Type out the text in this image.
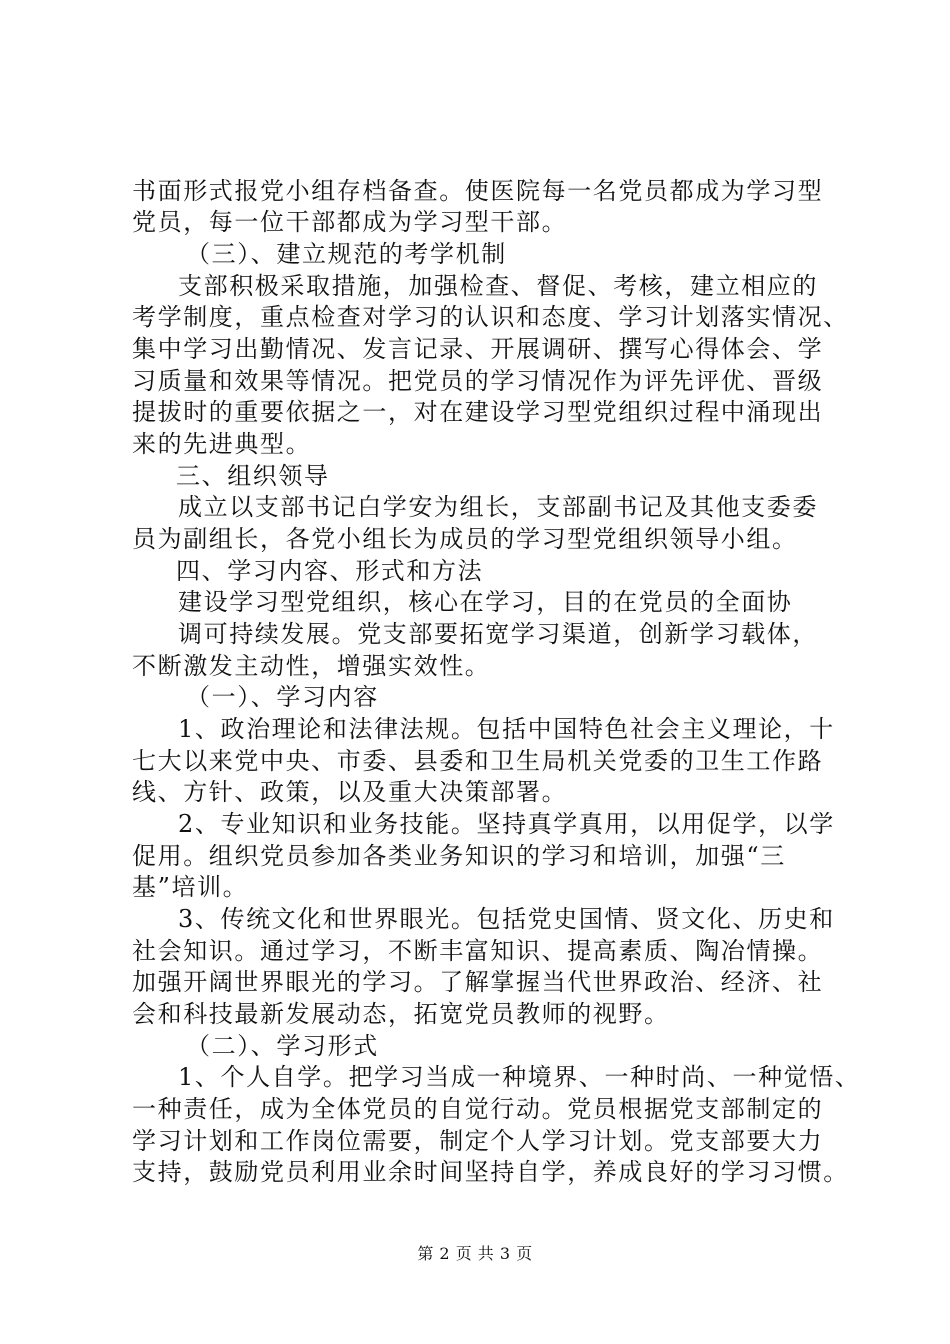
书面形式报党小组存档备查。使医院每一名党员都成为学习型
党员，每一位干部都成为学习型干部。
（三）、建立规范的考学机制
支部积极采取措施，加强检查、督促、考核，建立相应的
考学制度，重点检查对学习的认识和态度、学习计划落实情况、
集中学习出勤情况、发言记录、开展调研、撰写心得体会、学
习质量和效果等情况。把党员的学习情况作为评先评优、晋级
提拔时的重要依据之一，对在建设学习型党组织过程中涌现出
来的先进典型。
三、组织领导
成立以支部书记白学安为组长，支部副书记及其他支委委
员为副组长，各党小组长为成员的学习型党组织领导小组。
四、学习内容、形式和方法
建设学习型党组织，核心在学习，目的在党员的全面协
调可持续发展。党支部要拓宽学习渠道，创新学习载体，
不断激发主动性，增强实效性。
（一）、学习内容
1、政治理论和法律法规。包括中国特色社会主义理论，十
七大以来党中央、市委、县委和卫生局机关党委的卫生工作路
线、方针、政策，以及重大决策部署。
2、专业知识和业务技能。坚持真学真用，以用促学，以学
促用。组织党员参加各类业务知识的学习和培训，加强“三
基”培训。
3、传统文化和世界眼光。包括党史国情、贤文化、历史和
社会知识。通过学习，不断丰富知识、提高素质、陶冶情操。
加强开阔世界眼光的学习。了解掌握当代世界政治、经济、社
会和科技最新发展动态，拓宽党员教师的视野。
（二）、学习形式
1、个人自学。把学习当成一种境界、一种时尚、一种觉悟、
一种责任，成为全体党员的自觉行动。党员根据党支部制定的
学习计划和工作岗位需要，制定个人学习计划。党支部要大力
支持，鼓励党员利用业余时间坚持自学，养成良好的学习习惯。
第 2 页 共 3 页
